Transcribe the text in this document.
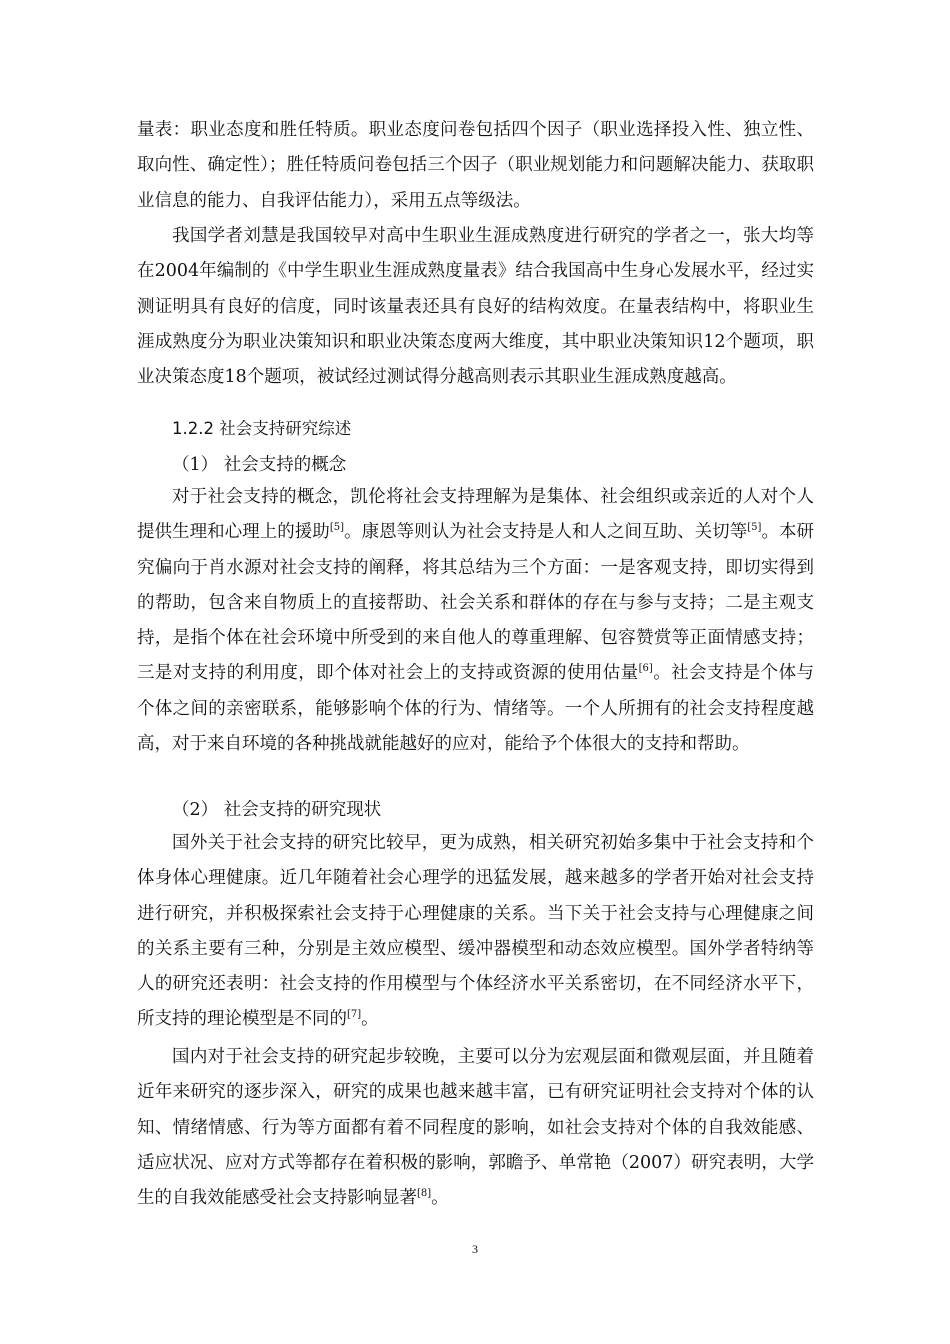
量表：职业态度和胜任特质。职业态度问卷包括四个因子（职业选择投入性、独立性、取向性、确定性）；胜任特质问卷包括三个因子（职业规划能力和问题解决能力、获取职业信息的能力、自我评估能力），采用五点等级法。

我国学者刘慧是我国较早对高中生职业生涯成熟度进行研究的学者之一，张大均等在2004年编制的《中学生职业生涯成熟度量表》结合我国高中生身心发展水平，经过实测证明具有良好的信度，同时该量表还具有良好的结构效度。在量表结构中，将职业生涯成熟度分为职业决策知识和职业决策态度两大维度，其中职业决策知识12个题项，职业决策态度18个题项，被试经过测试得分越高则表示其职业生涯成熟度越高。

1.2.2 社会支持研究综述

（1） 社会支持的概念

对于社会支持的概念，凯伦将社会支持理解为是集体、社会组织或亲近的人对个人提供生理和心理上的援助[5]。康恩等则认为社会支持是人和人之间互助、关切等[5]。本研究偏向于肖水源对社会支持的阐释，将其总结为三个方面：一是客观支持，即切实得到的帮助，包含来自物质上的直接帮助、社会关系和群体的存在与参与支持；二是主观支持，是指个体在社会环境中所受到的来自他人的尊重理解、包容赞赏等正面情感支持；三是对支持的利用度，即个体对社会上的支持或资源的使用估量[6]。社会支持是个体与个体之间的亲密联系，能够影响个体的行为、情绪等。一个人所拥有的社会支持程度越高，对于来自环境的各种挑战就能越好的应对，能给予个体很大的支持和帮助。

（2） 社会支持的研究现状

国外关于社会支持的研究比较早，更为成熟，相关研究初始多集中于社会支持和个体身体心理健康。近几年随着社会心理学的迅猛发展，越来越多的学者开始对社会支持进行研究，并积极探索社会支持于心理健康的关系。当下关于社会支持与心理健康之间的关系主要有三种，分别是主效应模型、缓冲器模型和动态效应模型。国外学者特纳等人的研究还表明：社会支持的作用模型与个体经济水平关系密切，在不同经济水平下，所支持的理论模型是不同的[7]。

国内对于社会支持的研究起步较晚，主要可以分为宏观层面和微观层面，并且随着近年来研究的逐步深入，研究的成果也越来越丰富，已有研究证明社会支持对个体的认知、情绪情感、行为等方面都有着不同程度的影响，如社会支持对个体的自我效能感、适应状况、应对方式等都存在着积极的影响，郭瞻予、单常艳（2007）研究表明，大学生的自我效能感受社会支持影响显著[8]。

3
